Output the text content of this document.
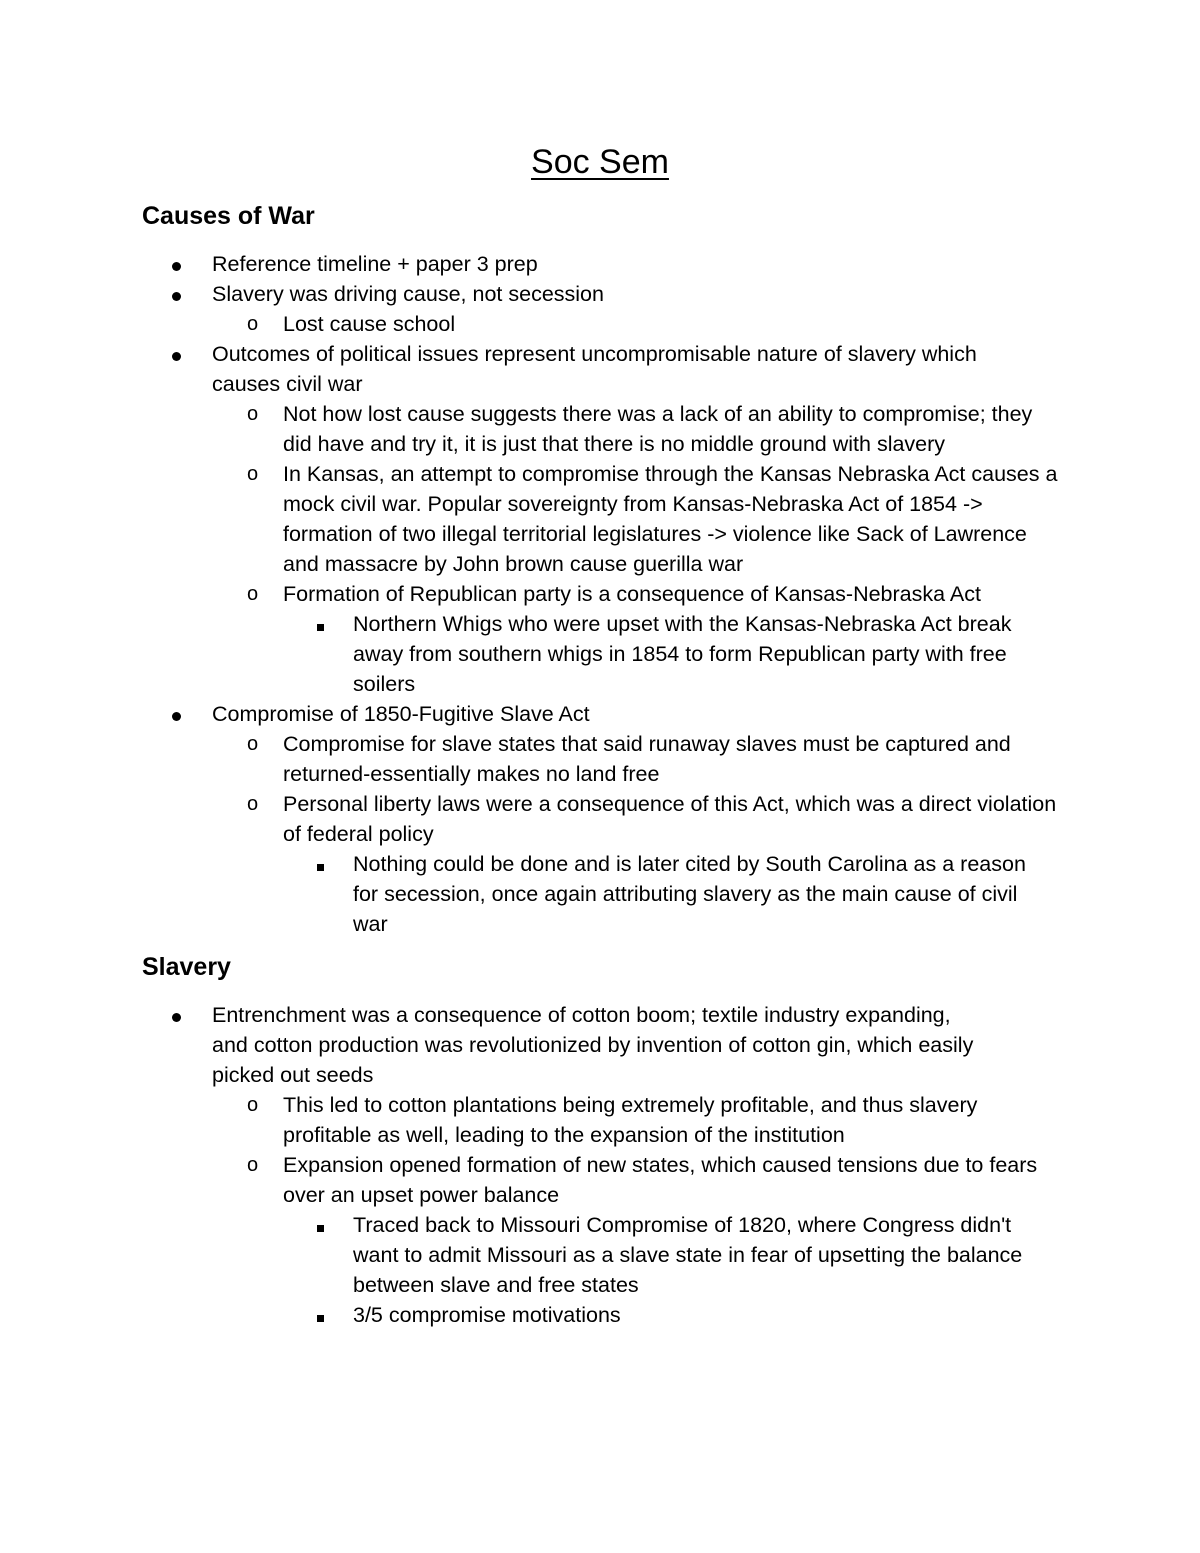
Soc Sem
Causes of War
Reference timeline + paper 3 prep
Slavery was driving cause, not secession
o Lost cause school
Outcomes of political issues represent uncompromisable nature of slavery which causes civil war
o Not how lost cause suggests there was a lack of an ability to compromise; they did have and try it, it is just that there is no middle ground with slavery
o In Kansas, an attempt to compromise through the Kansas Nebraska Act causes a mock civil war. Popular sovereignty from Kansas-Nebraska Act of 1854 -> formation of two illegal territorial legislatures -> violence like Sack of Lawrence and massacre by John brown cause guerilla war
o Formation of Republican party is a consequence of Kansas-Nebraska Act
Northern Whigs who were upset with the Kansas-Nebraska Act break away from southern whigs in 1854 to form Republican party with free soilers
Compromise of 1850-Fugitive Slave Act
o Compromise for slave states that said runaway slaves must be captured and returned-essentially makes no land free
o Personal liberty laws were a consequence of this Act, which was a direct violation of federal policy
Nothing could be done and is later cited by South Carolina as a reason for secession, once again attributing slavery as the main cause of civil war
Slavery
Entrenchment was a consequence of cotton boom; textile industry expanding, and cotton production was revolutionized by invention of cotton gin, which easily picked out seeds
o This led to cotton plantations being extremely profitable, and thus slavery profitable as well, leading to the expansion of the institution
o Expansion opened formation of new states, which caused tensions due to fears over an upset power balance
Traced back to Missouri Compromise of 1820, where Congress didn't want to admit Missouri as a slave state in fear of upsetting the balance between slave and free states
3/5 compromise motivations
